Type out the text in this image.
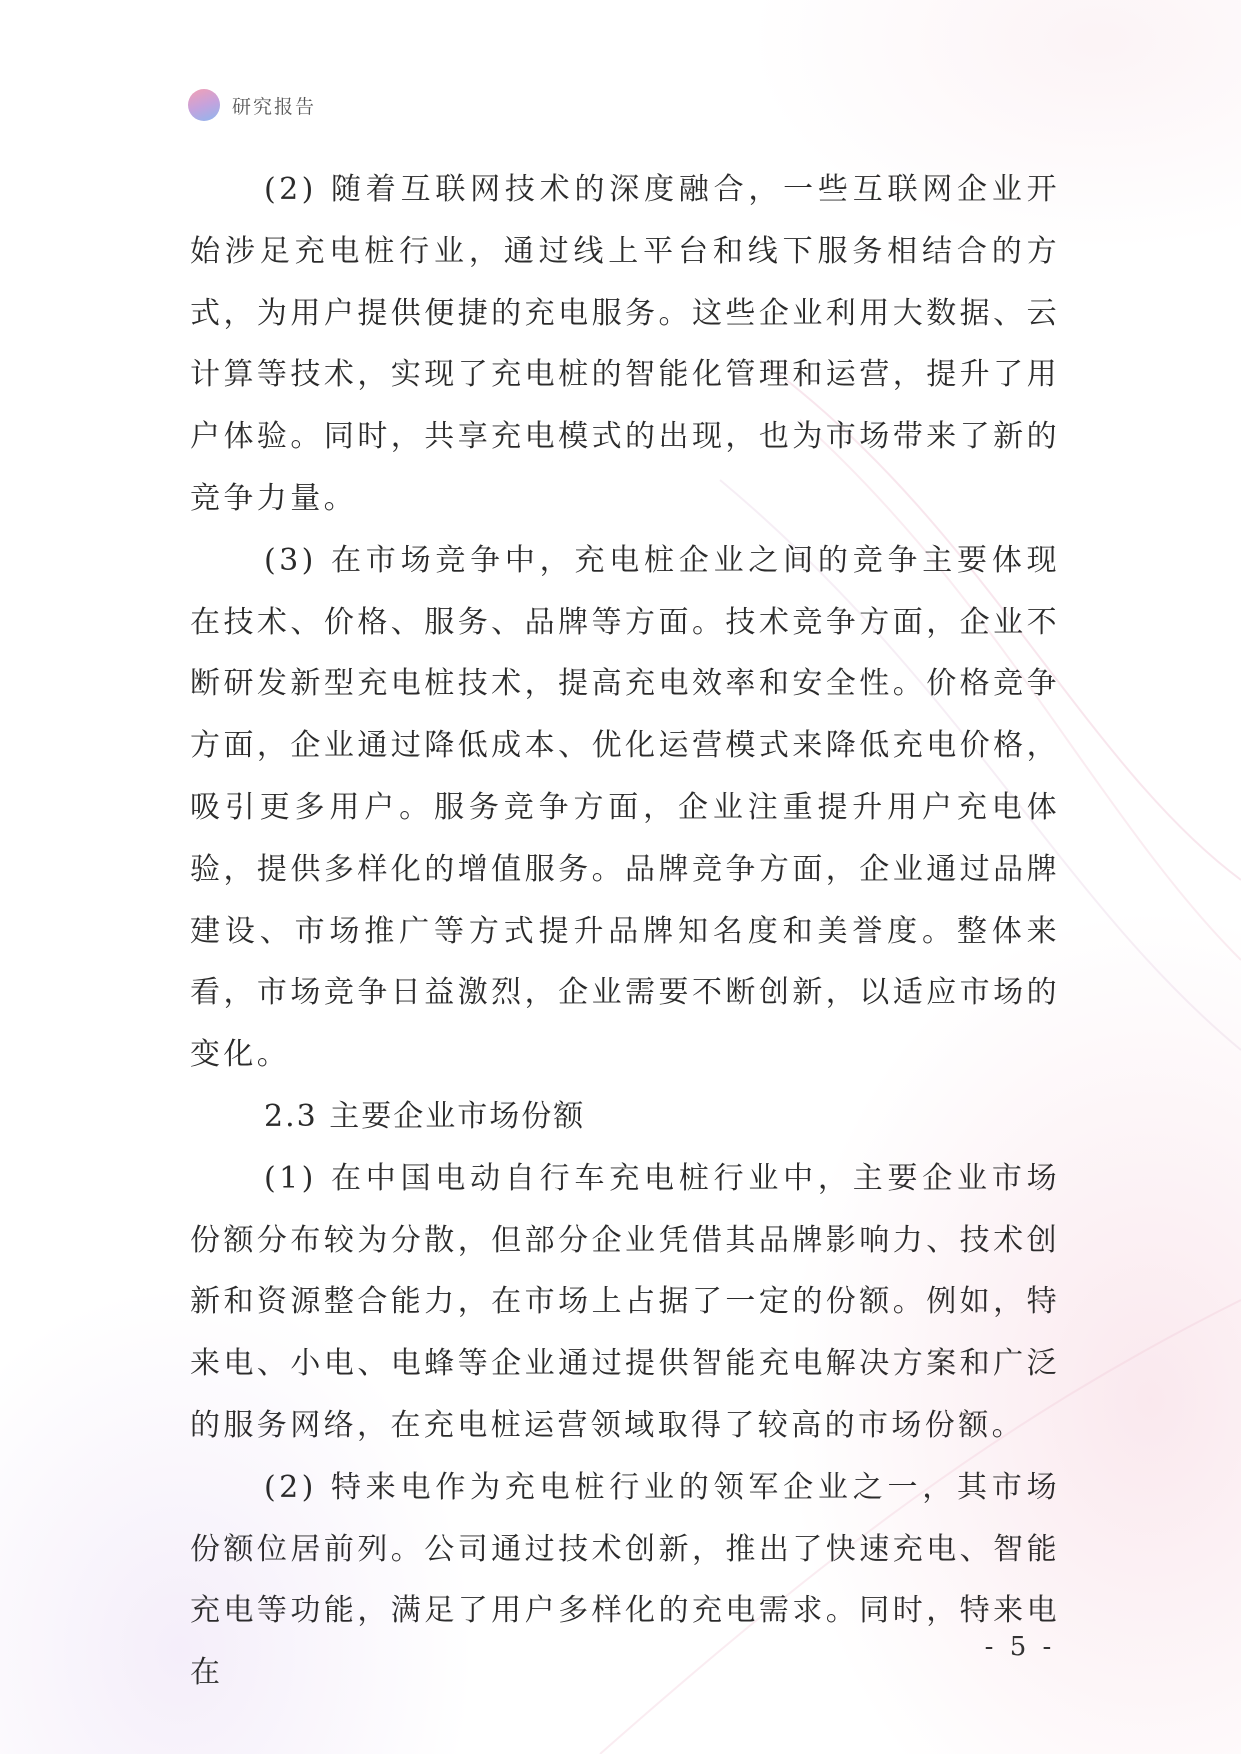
研究报告

(2) 随着互联网技术的深度融合，一些互联网企业开始涉足充电桩行业，通过线上平台和线下服务相结合的方式，为用户提供便捷的充电服务。这些企业利用大数据、云计算等技术，实现了充电桩的智能化管理和运营，提升了用户体验。同时，共享充电模式的出现，也为市场带来了新的竞争力量。

(3) 在市场竞争中，充电桩企业之间的竞争主要体现在技术、价格、服务、品牌等方面。技术竞争方面，企业不断研发新型充电桩技术，提高充电效率和安全性。价格竞争方面，企业通过降低成本、优化运营模式来降低充电价格，吸引更多用户。服务竞争方面，企业注重提升用户充电体验，提供多样化的增值服务。品牌竞争方面，企业通过品牌建设、市场推广等方式提升品牌知名度和美誉度。整体来看，市场竞争日益激烈，企业需要不断创新，以适应市场的变化。

2.3 主要企业市场份额

(1) 在中国电动自行车充电桩行业中，主要企业市场份额分布较为分散，但部分企业凭借其品牌影响力、技术创新和资源整合能力，在市场上占据了一定的份额。例如，特来电、小电、电蜂等企业通过提供智能充电解决方案和广泛的服务网络，在充电桩运营领域取得了较高的市场份额。

(2) 特来电作为充电桩行业的领军企业之一，其市场份额位居前列。公司通过技术创新，推出了快速充电、智能充电等功能，满足了用户多样化的充电需求。同时，特来电在

- 5 -
